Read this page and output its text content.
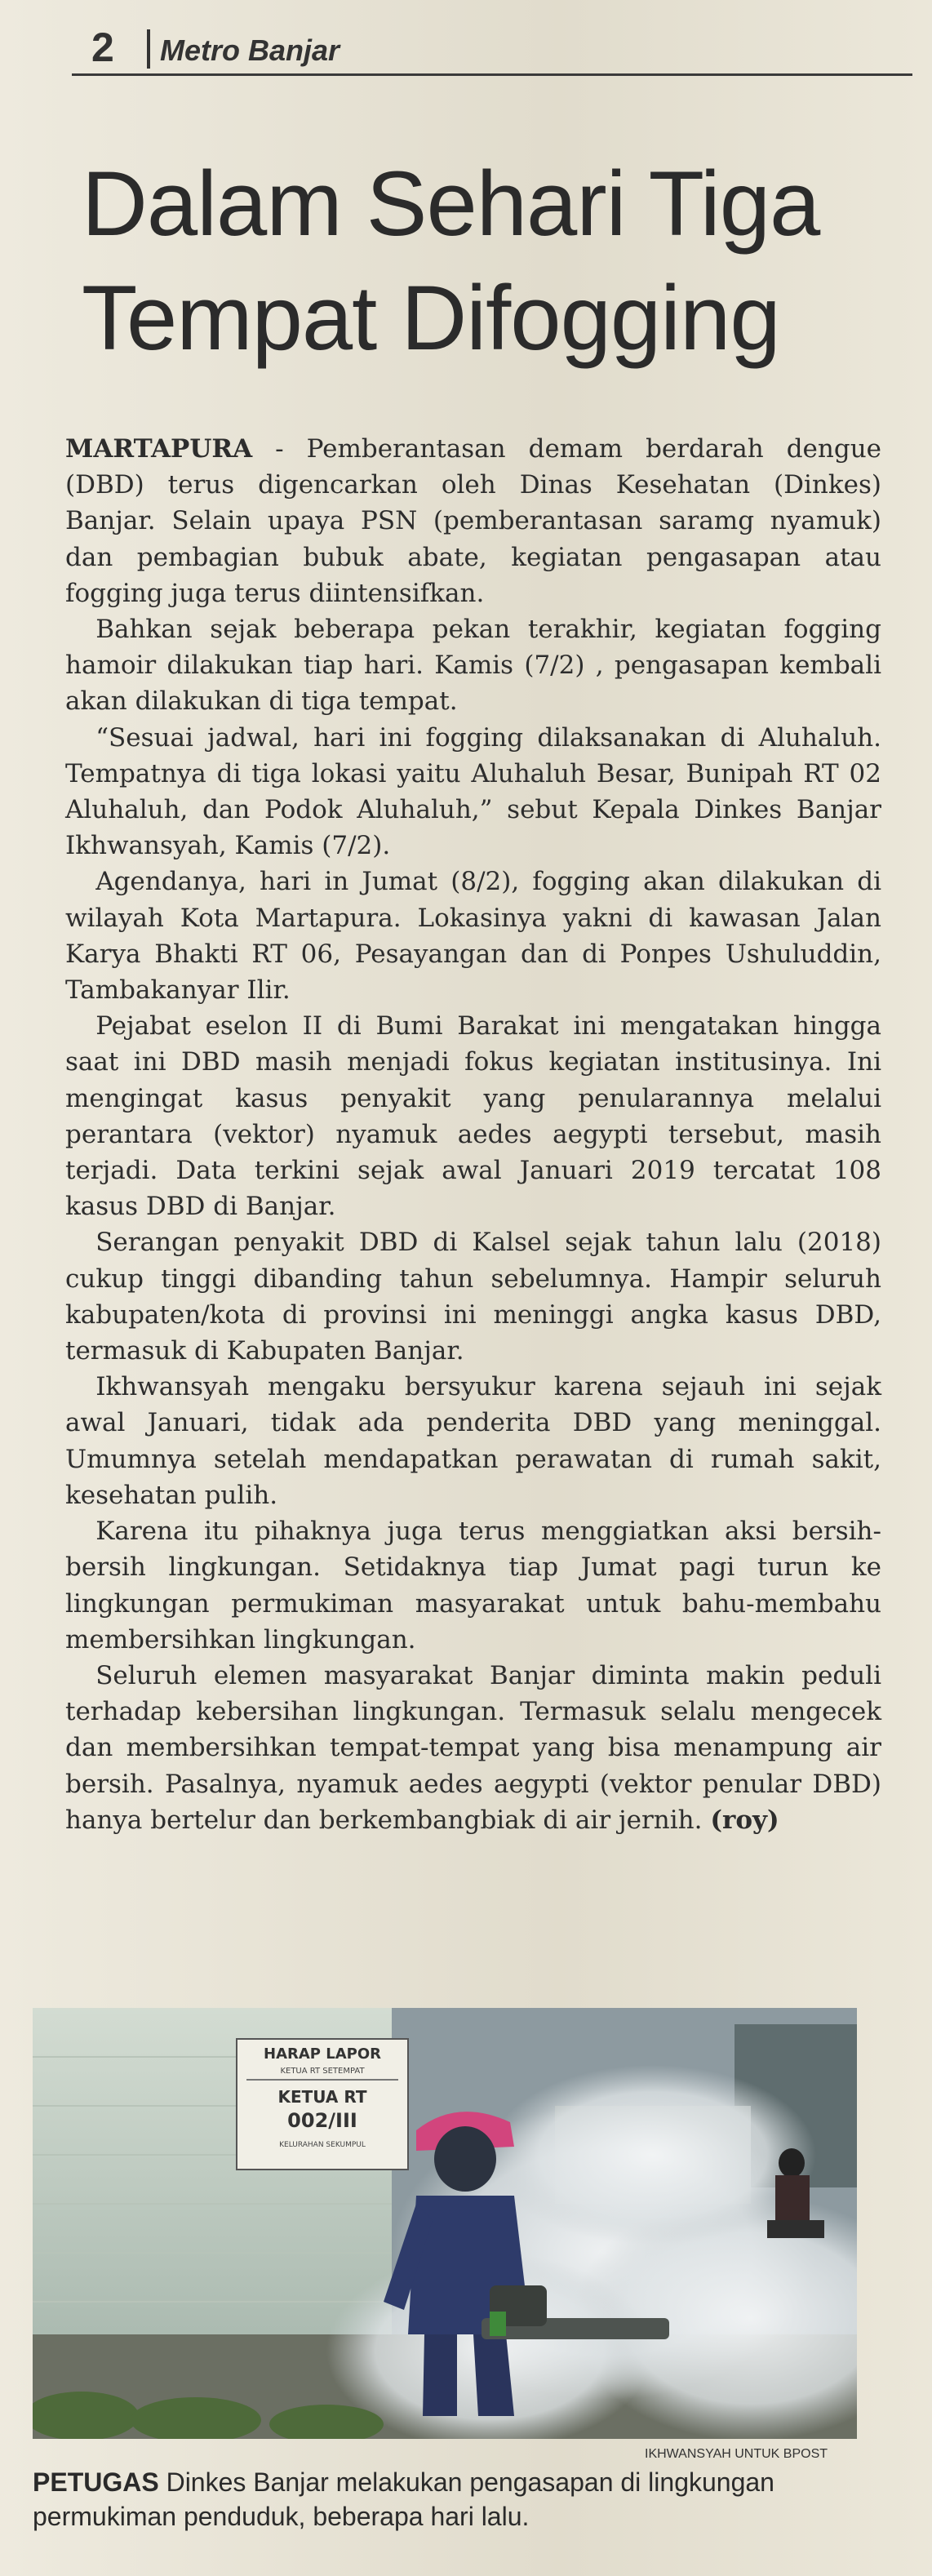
2 Metro Banjar
Dalam Sehari Tiga
Tempat Difogging

MARTAPURA - Pemberantasan demam berdarah dengue (DBD) terus digencarkan oleh Dinas Kesehatan (Dinkes) Banjar. Selain upaya PSN (pemberantasan saramg nyamuk) dan pembagian bubuk abate, kegiatan pengasapan atau fogging juga terus diintensifkan.

Bahkan sejak beberapa pekan terakhir, kegiatan fogging hamoir dilakukan tiap hari. Kamis (7/2) , pengasapan kembali akan dilakukan di tiga tempat.

“Sesuai jadwal, hari ini fogging dilaksanakan di Aluhaluh. Tempatnya di tiga lokasi yaitu Aluhaluh Besar, Bunipah RT 02 Aluhaluh, dan Podok Aluhaluh,” sebut Kepala Dinkes Banjar Ikhwansyah, Kamis (7/2).

Agendanya, hari in Jumat (8/2), fogging akan dilakukan di wilayah Kota Martapura. Lokasinya yakni di kawasan Jalan Karya Bhakti RT 06, Pesayangan dan di Ponpes Ushuluddin, Tambakanyar Ilir.

Pejabat eselon II di Bumi Barakat ini mengatakan hingga saat ini DBD masih menjadi fokus kegiatan institusinya. Ini mengingat kasus penyakit yang penularannya melalui perantara (vektor) nyamuk aedes aegypti tersebut, masih terjadi. Data terkini sejak awal Januari 2019 tercatat 108 kasus DBD di Banjar.

Serangan penyakit DBD di Kalsel sejak tahun lalu (2018) cukup tinggi dibanding tahun sebelumnya. Hampir seluruh kabupaten/kota di provinsi ini meninggi angka kasus DBD, termasuk di Kabupaten Banjar.

Ikhwansyah mengaku bersyukur karena sejauh ini sejak awal Januari, tidak ada penderita DBD yang meninggal. Umumnya setelah mendapatkan perawatan di rumah sakit, kesehatan pulih.

Karena itu pihaknya juga terus menggiatkan aksi bersih-bersih lingkungan. Setidaknya tiap Jumat pagi turun ke lingkungan permukiman masyarakat untuk bahu-membahu membersihkan lingkungan.

Seluruh elemen masyarakat Banjar diminta makin peduli terhadap kebersihan lingkungan. Termasuk selalu mengecek dan membersihkan tempat-tempat yang bisa menampung air bersih. Pasalnya, nyamuk aedes aegypti (vektor penular DBD) hanya bertelur dan berkembangbiak di air jernih. (roy)

HARAP LAPOR
KETUA RT SETEMPAT
KETUA RT
002/III
KELURAHAN SEKUMPUL
IKHWANSYAH UNTUK BPOST
PETUGAS Dinkes Banjar melakukan pengasapan di lingkungan permukiman penduduk, beberapa hari lalu.
